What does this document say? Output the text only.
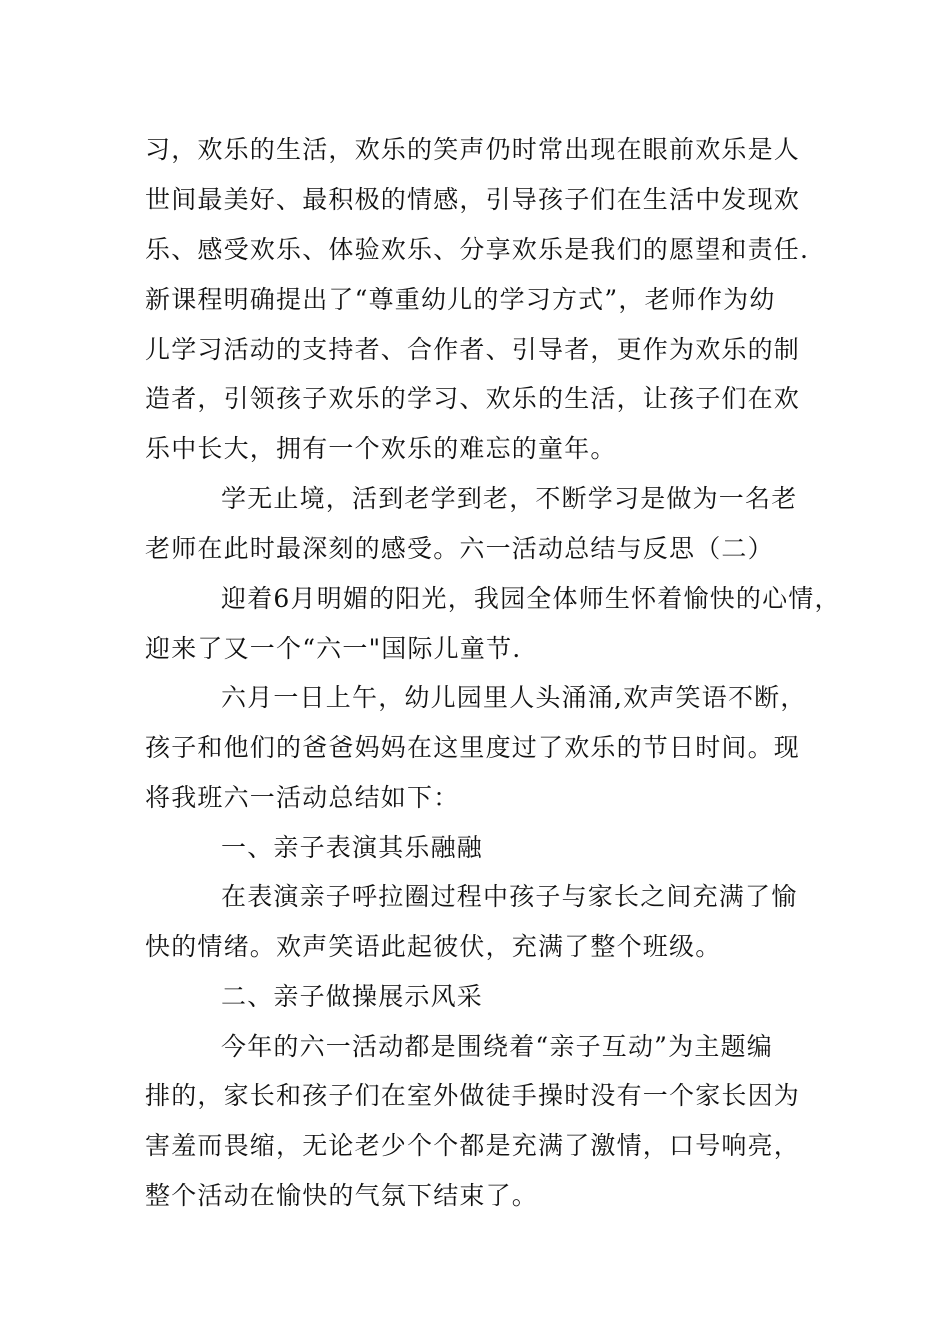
习，欢乐的生活，欢乐的笑声仍时常出现在眼前欢乐是人
世间最美好、最积极的情感，引导孩子们在生活中发现欢
乐、感受欢乐、体验欢乐、分享欢乐是我们的愿望和责任.
新课程明确提出了“尊重幼儿的学习方式”，老师作为幼
儿学习活动的支持者、合作者、引导者，更作为欢乐的制
造者，引领孩子欢乐的学习、欢乐的生活，让孩子们在欢
乐中长大，拥有一个欢乐的难忘的童年。
学无止境，活到老学到老，不断学习是做为一名老
老师在此时最深刻的感受。六一活动总结与反思（二）
迎着6月明媚的阳光，我园全体师生怀着愉快的心情，
迎来了又一个“六一"国际儿童节.
六月一日上午，幼儿园里人头涌涌,欢声笑语不断，
孩子和他们的爸爸妈妈在这里度过了欢乐的节日时间。现
将我班六一活动总结如下：
一、亲子表演其乐融融
在表演亲子呼拉圈过程中孩子与家长之间充满了愉
快的情绪。欢声笑语此起彼伏，充满了整个班级。
二、亲子做操展示风采
今年的六一活动都是围绕着“亲子互动”为主题编
排的，家长和孩子们在室外做徒手操时没有一个家长因为
害羞而畏缩，无论老少个个都是充满了激情，口号响亮，
整个活动在愉快的气氛下结束了。
